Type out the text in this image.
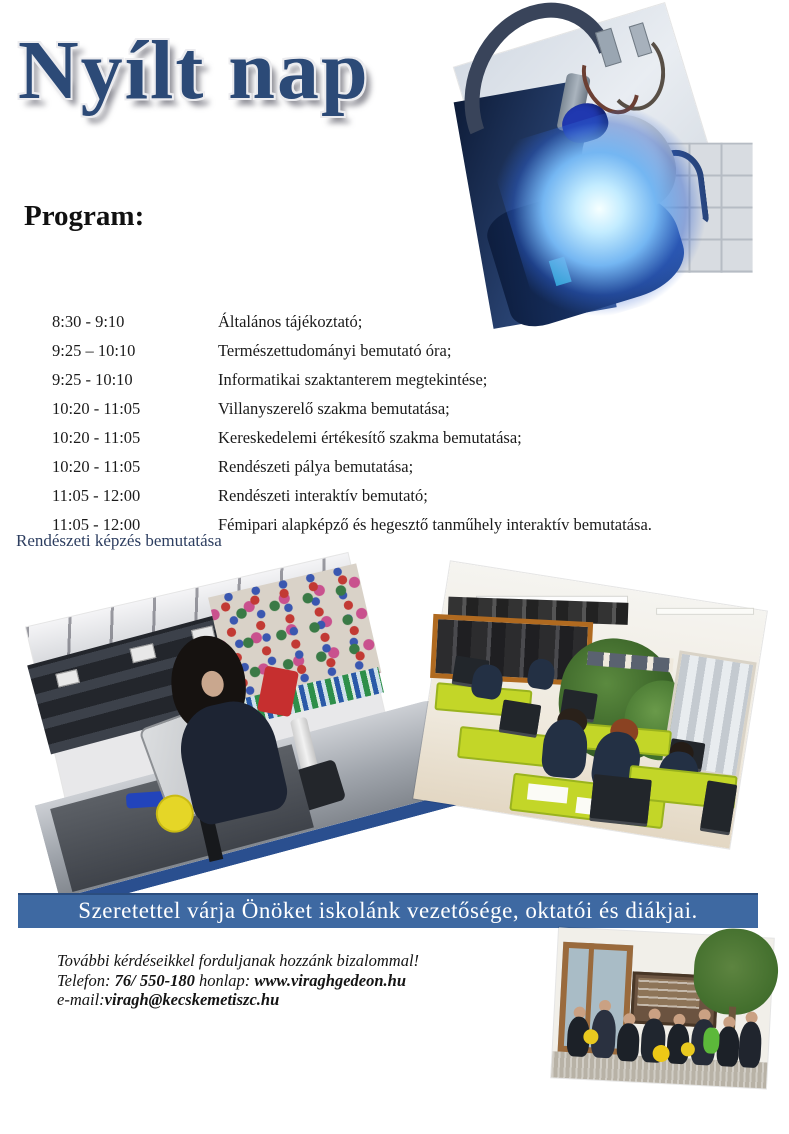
Nyílt nap
Program:
8:30 - 9:10	Általános tájékoztató;
9:25 – 10:10	Természettudományi bemutató óra;
9:25 - 10:10	Informatikai szaktanterem megtekintése;
10:20 - 11:05	Villanyszerelő szakma bemutatása;
10:20 - 11:05	Kereskedelemi értékesítő szakma bemutatása;
10:20 - 11:05	Rendészeti pálya bemutatása;
11:05 - 12:00	Rendészeti interaktív bemutató;
11:05 - 12:00	Fémipari alapképző és hegesztő tanműhely interaktív bemutatása.
Rendészeti képzés bemutatása
Szeretettel várja Önöket iskolánk vezetősége, oktatói és diákjai.
További kérdéseikkel forduljanak hozzánk bizalommal!
Telefon: 76/ 550-180 honlap: www.viraghgedeon.hu
e-mail:viragh@kecskemetiszc.hu
